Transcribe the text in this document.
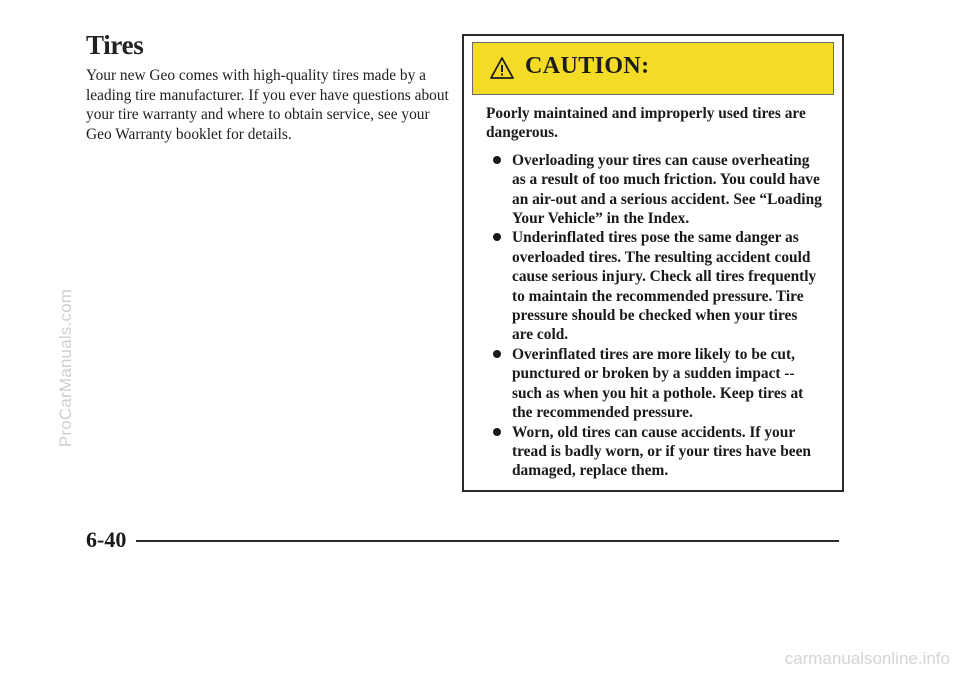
ProCarManuals.com
Tires

Your new Geo comes with high-quality tires made by a leading tire manufacturer. If you ever have questions about your tire warranty and where to obtain service, see your Geo Warranty booklet for details.

CAUTION:

Poorly maintained and improperly used tires are dangerous.

Overloading your tires can cause overheating as a result of too much friction. You could have an air-out and a serious accident. See “Loading Your Vehicle” in the Index.
Underinflated tires pose the same danger as overloaded tires. The resulting accident could cause serious injury. Check all tires frequently to maintain the recommended pressure. Tire pressure should be checked when your tires are cold.
Overinflated tires are more likely to be cut, punctured or broken by a sudden impact -- such as when you hit a pothole. Keep tires at the recommended pressure.
Worn, old tires can cause accidents. If your tread is badly worn, or if your tires have been damaged, replace them.
6-40
carmanualsonline.info
